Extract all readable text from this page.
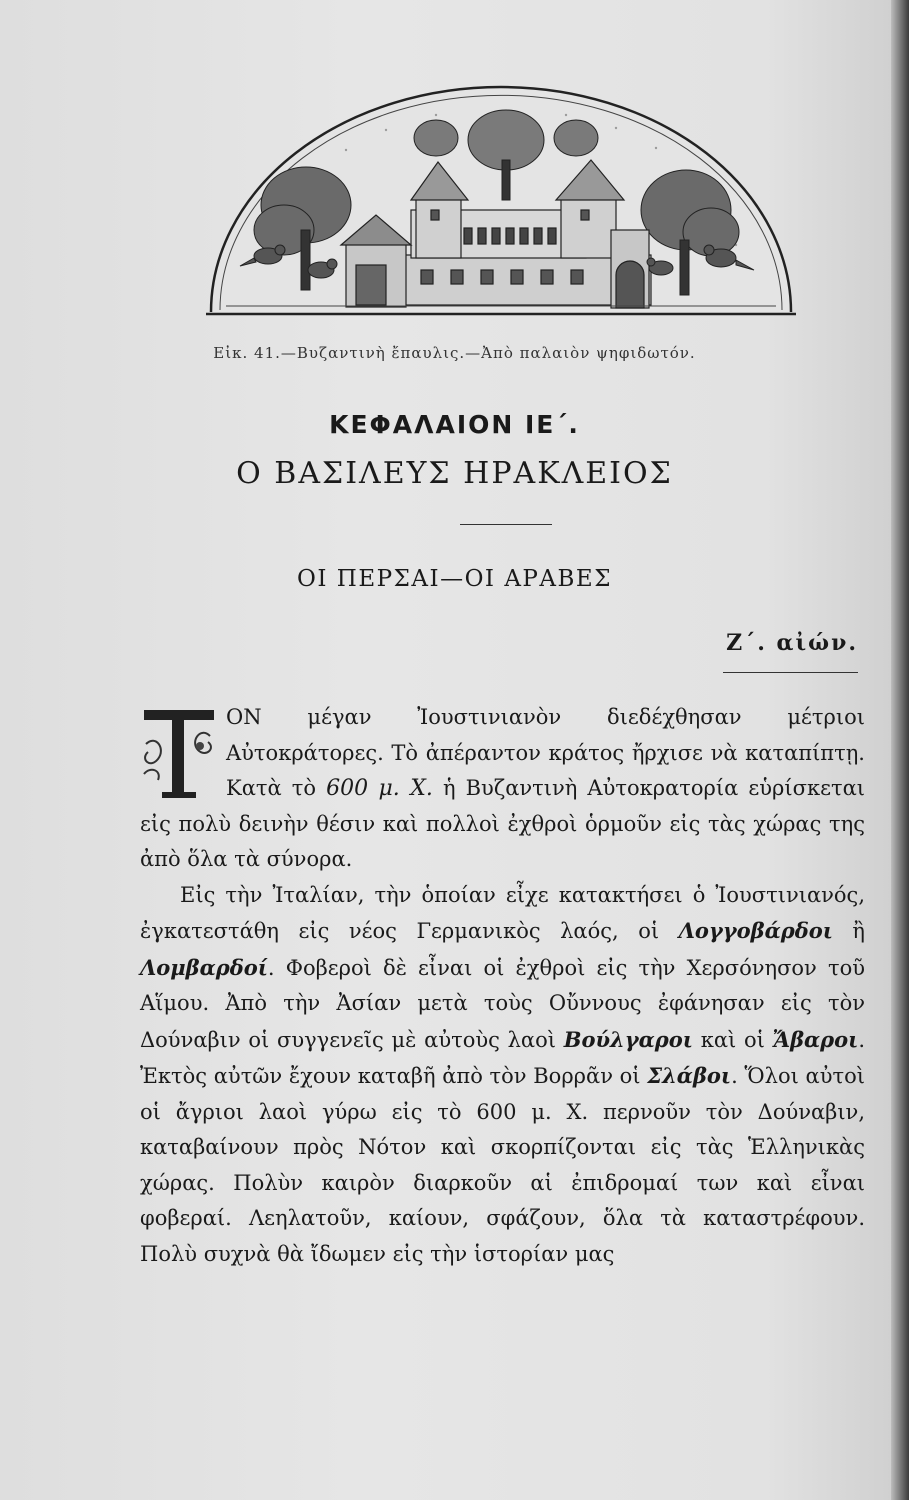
Εἰκ. 41.—Βυζαντινὴ ἔπαυλις.—Ἀπὸ παλαιὸν ψηφιδωτόν.
ΚΕΦΑΛΑΙΟΝ ΙΕ΄.
Ο ΒΑΣΙΛΕΥΣ ΗΡΑΚΛΕΙΟΣ
ΟΙ ΠΕΡΣΑΙ—ΟΙ ΑΡΑΒΕΣ
Ζ΄. αἰών.

ΟΝ μέγαν Ἰουστινιανὸν διεδέχθησαν μέτριοι Αὐτοκράτορες. Τὸ ἀπέραντον κράτος ἤρχισε νὰ καταπίπτῃ. Κατὰ τὸ 600 μ. Χ. ἡ Βυζαντινὴ Αὐτοκρατορία εὑρίσκεται εἰς πολὺ δεινὴν θέσιν καὶ πολλοὶ ἐχθροὶ ὁρμοῦν εἰς τὰς χώρας της ἀπὸ ὅλα τὰ σύνορα.

Εἰς τὴν Ἰταλίαν, τὴν ὁποίαν εἶχε κατακτήσει ὁ Ἰουστινιανός, ἐγκατεστάθη εἰς νέος Γερμανικὸς λαός, οἱ Λογγοβάρδοι ἢ Λομβαρδοί. Φοβεροὶ δὲ εἶναι οἱ ἐχθροὶ εἰς τὴν Χερσόνησον τοῦ Αἵμου. Ἀπὸ τὴν Ἀσίαν μετὰ τοὺς Οὔννους ἐφάνησαν εἰς τὸν Δούναβιν οἱ συγγενεῖς μὲ αὐτοὺς λαοὶ Βούλγαροι καὶ οἱ Ἄβαροι. Ἐκτὸς αὐτῶν ἔχουν καταβῆ ἀπὸ τὸν Βορρᾶν οἱ Σλάβοι. Ὅλοι αὐτοὶ οἱ ἄγριοι λαοὶ γύρω εἰς τὸ 600 μ. Χ. περνοῦν τὸν Δούναβιν, καταβαίνουν πρὸς Νότον καὶ σκορπίζονται εἰς τὰς Ἑλληνικὰς χώρας. Πολὺν καιρὸν διαρκοῦν αἱ ἐπιδρομαί των καὶ εἶναι φοβεραί. Λεηλατοῦν, καίουν, σφάζουν, ὅλα τὰ καταστρέφουν. Πολὺ συχνὰ θὰ ἴδωμεν εἰς τὴν ἱστορίαν μας
